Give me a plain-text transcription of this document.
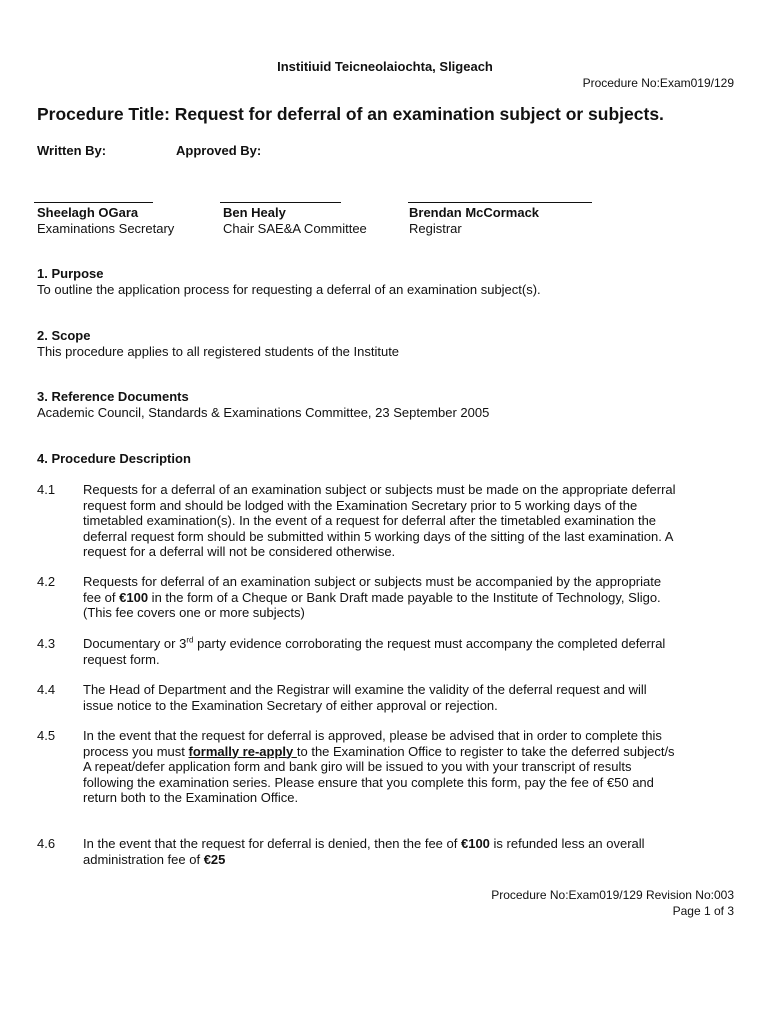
Institiuid Teicneolaiochta, Sligeach
Procedure No:Exam019/129
Procedure Title: Request for deferral of an examination subject or subjects.
Written By:	Approved By:
Sheelagh OGara
Examinations Secretary
Ben Healy
Chair SAE&A Committee
Brendan McCormack
Registrar
1. Purpose
To outline the application process for requesting a deferral of an examination subject(s).
2. Scope
This procedure applies to all registered students of the Institute
3. Reference Documents
Academic Council, Standards & Examinations Committee, 23 September 2005
4. Procedure Description
4.1 Requests for a deferral of an examination subject or subjects must be made on the appropriate deferral
request form and should be lodged with the Examination Secretary prior to 5 working days of the
timetabled examination(s). In the event of a request for deferral after the timetabled examination the
deferral request form should be submitted within 5 working days of the sitting of the last examination. A
request for a deferral will not be considered otherwise.
4.2 Requests for deferral of an examination subject or subjects must be accompanied by the appropriate
fee of €100 in the form of a Cheque or Bank Draft made payable to the Institute of Technology, Sligo.
(This fee covers one or more subjects)
4.3 Documentary or 3rd party evidence corroborating the request must accompany the completed deferral
request form.
4.4 The Head of Department and the Registrar will examine the validity of the deferral request and will
issue notice to the Examination Secretary of either approval or rejection.
4.5 In the event that the request for deferral is approved, please be advised that in order to complete this
process you must formally re-apply to the Examination Office to register to take the deferred subject/s
A repeat/defer application form and bank giro will be issued to you with your transcript of results
following the examination series. Please ensure that you complete this form, pay the fee of €50 and
return both to the Examination Office.
4.6 In the event that the request for deferral is denied, then the fee of €100 is refunded less an overall
administration fee of €25
Procedure No:Exam019/129 Revision No:003
Page 1 of 3
